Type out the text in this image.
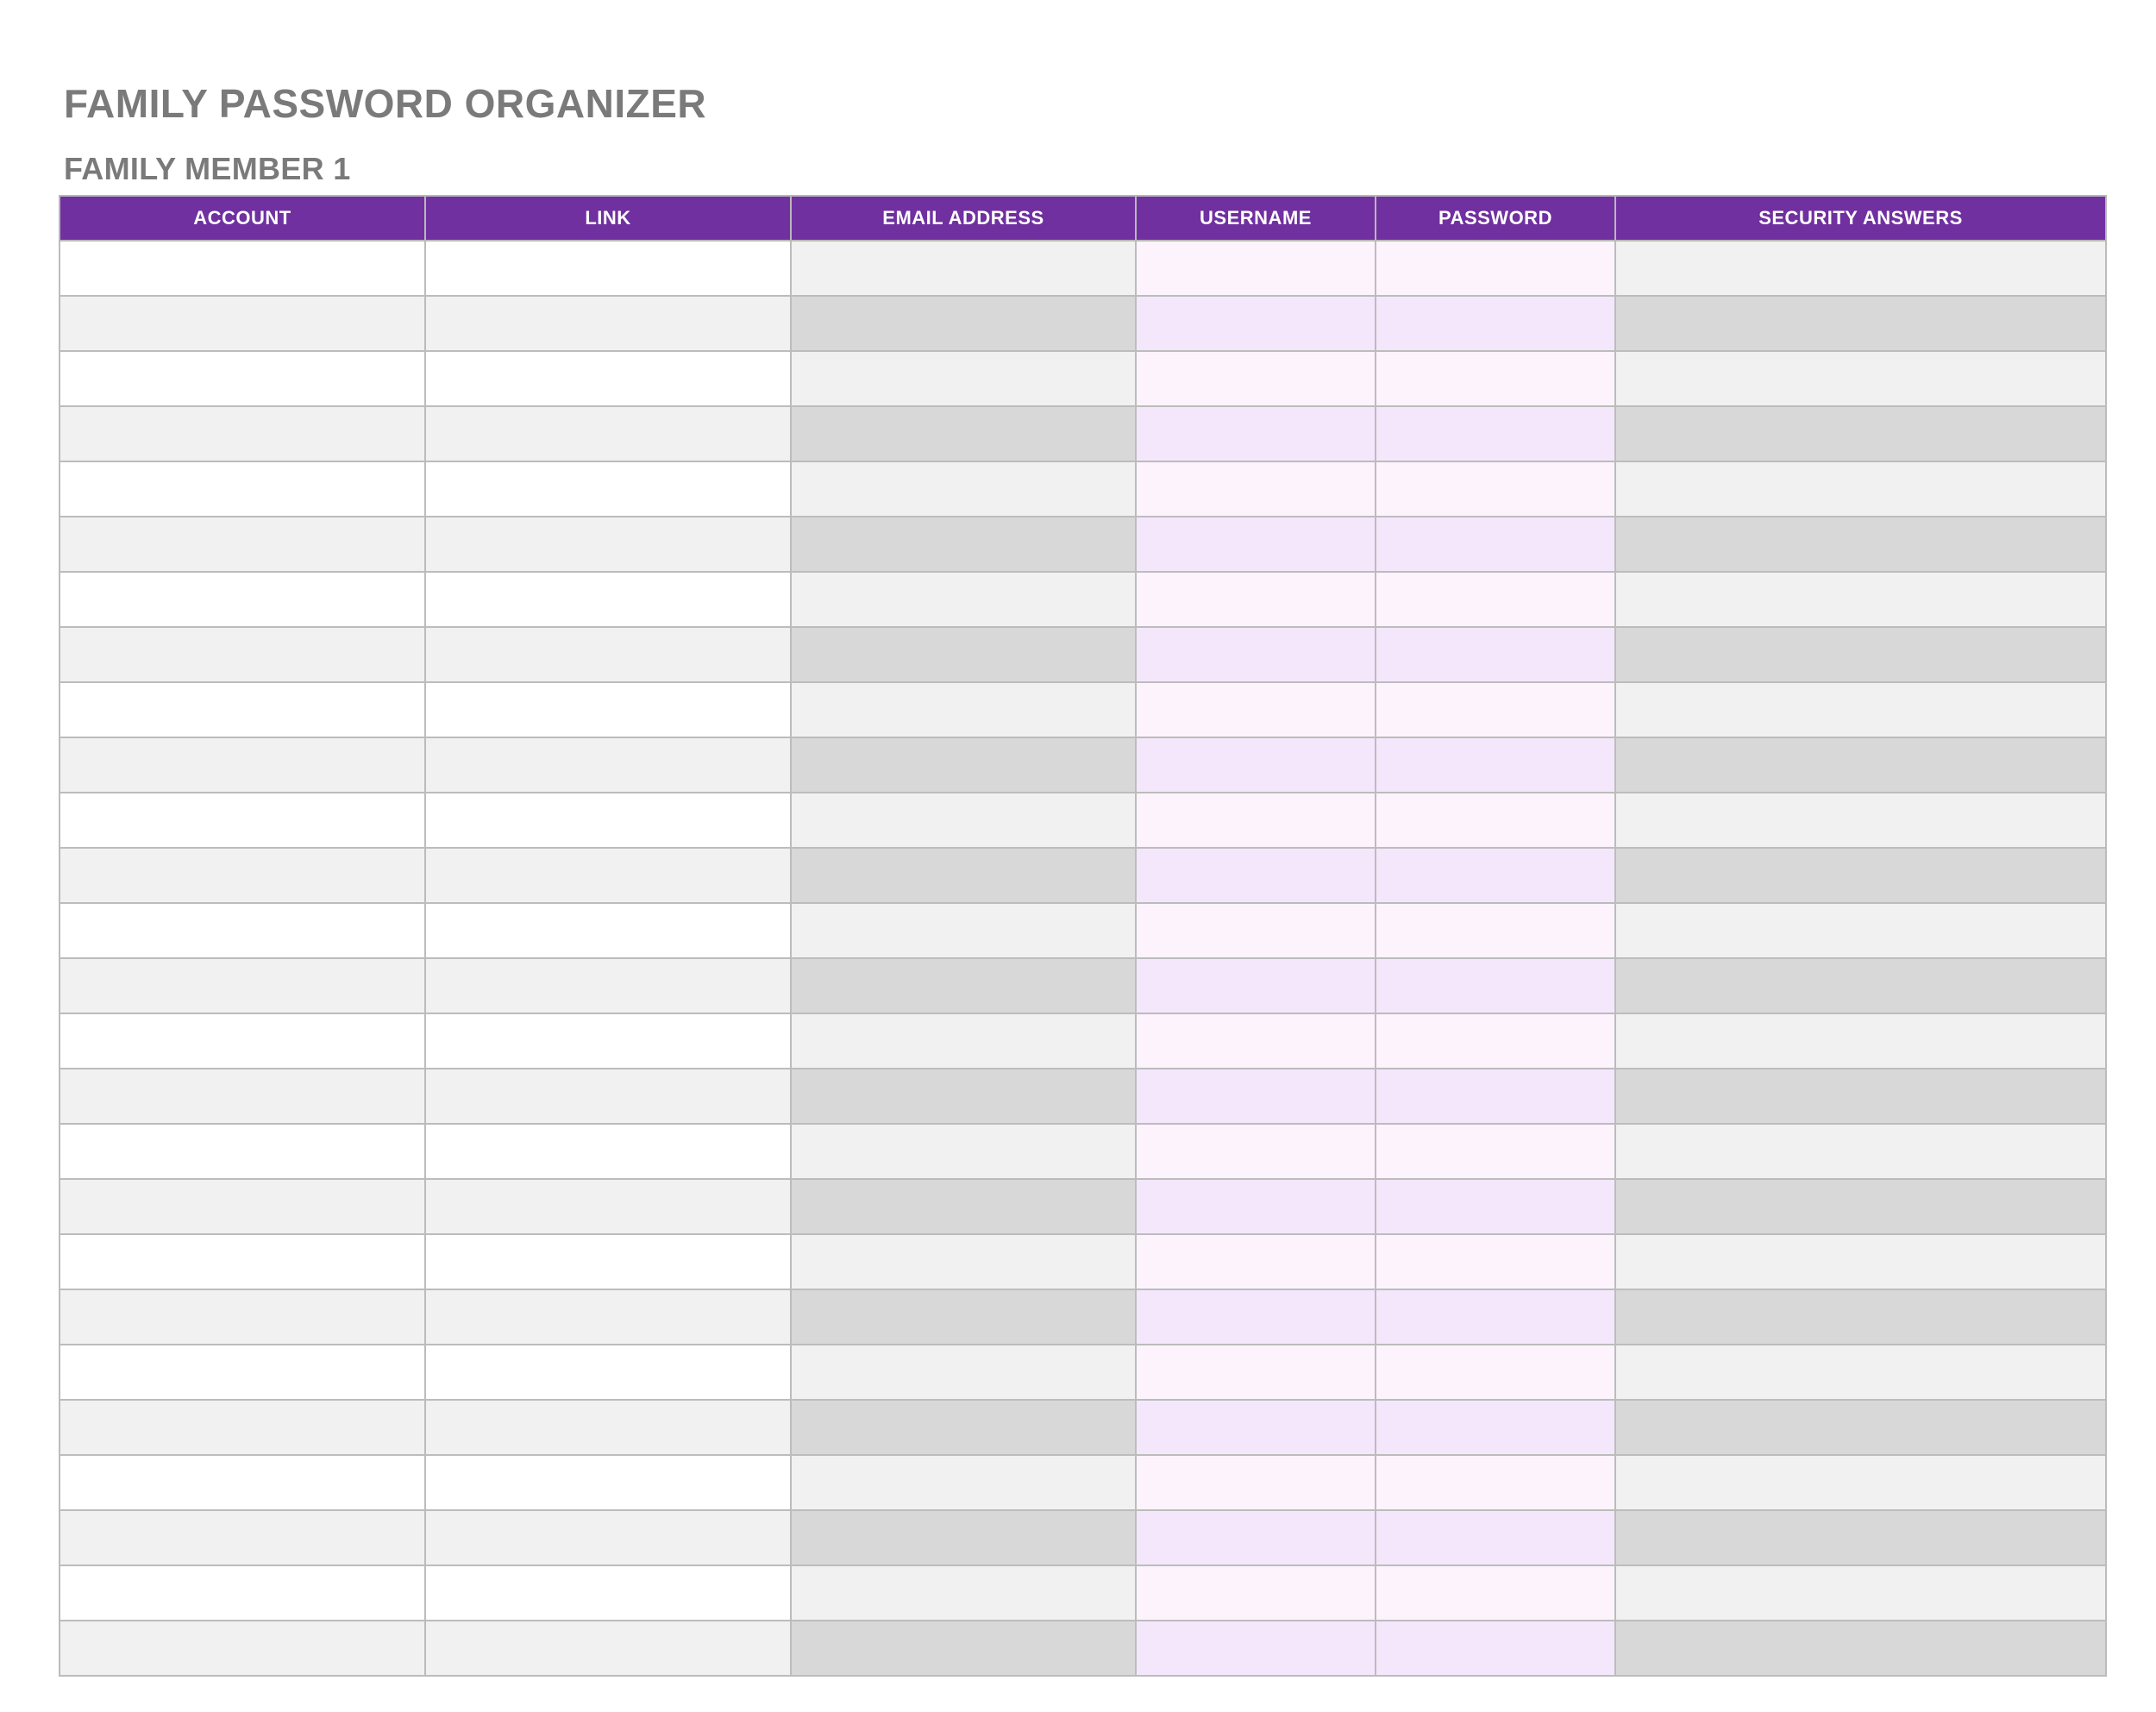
FAMILY PASSWORD ORGANIZER
FAMILY MEMBER 1
ACCOUNT	LINK	EMAIL ADDRESS	USERNAME	PASSWORD	SECURITY ANSWERS
